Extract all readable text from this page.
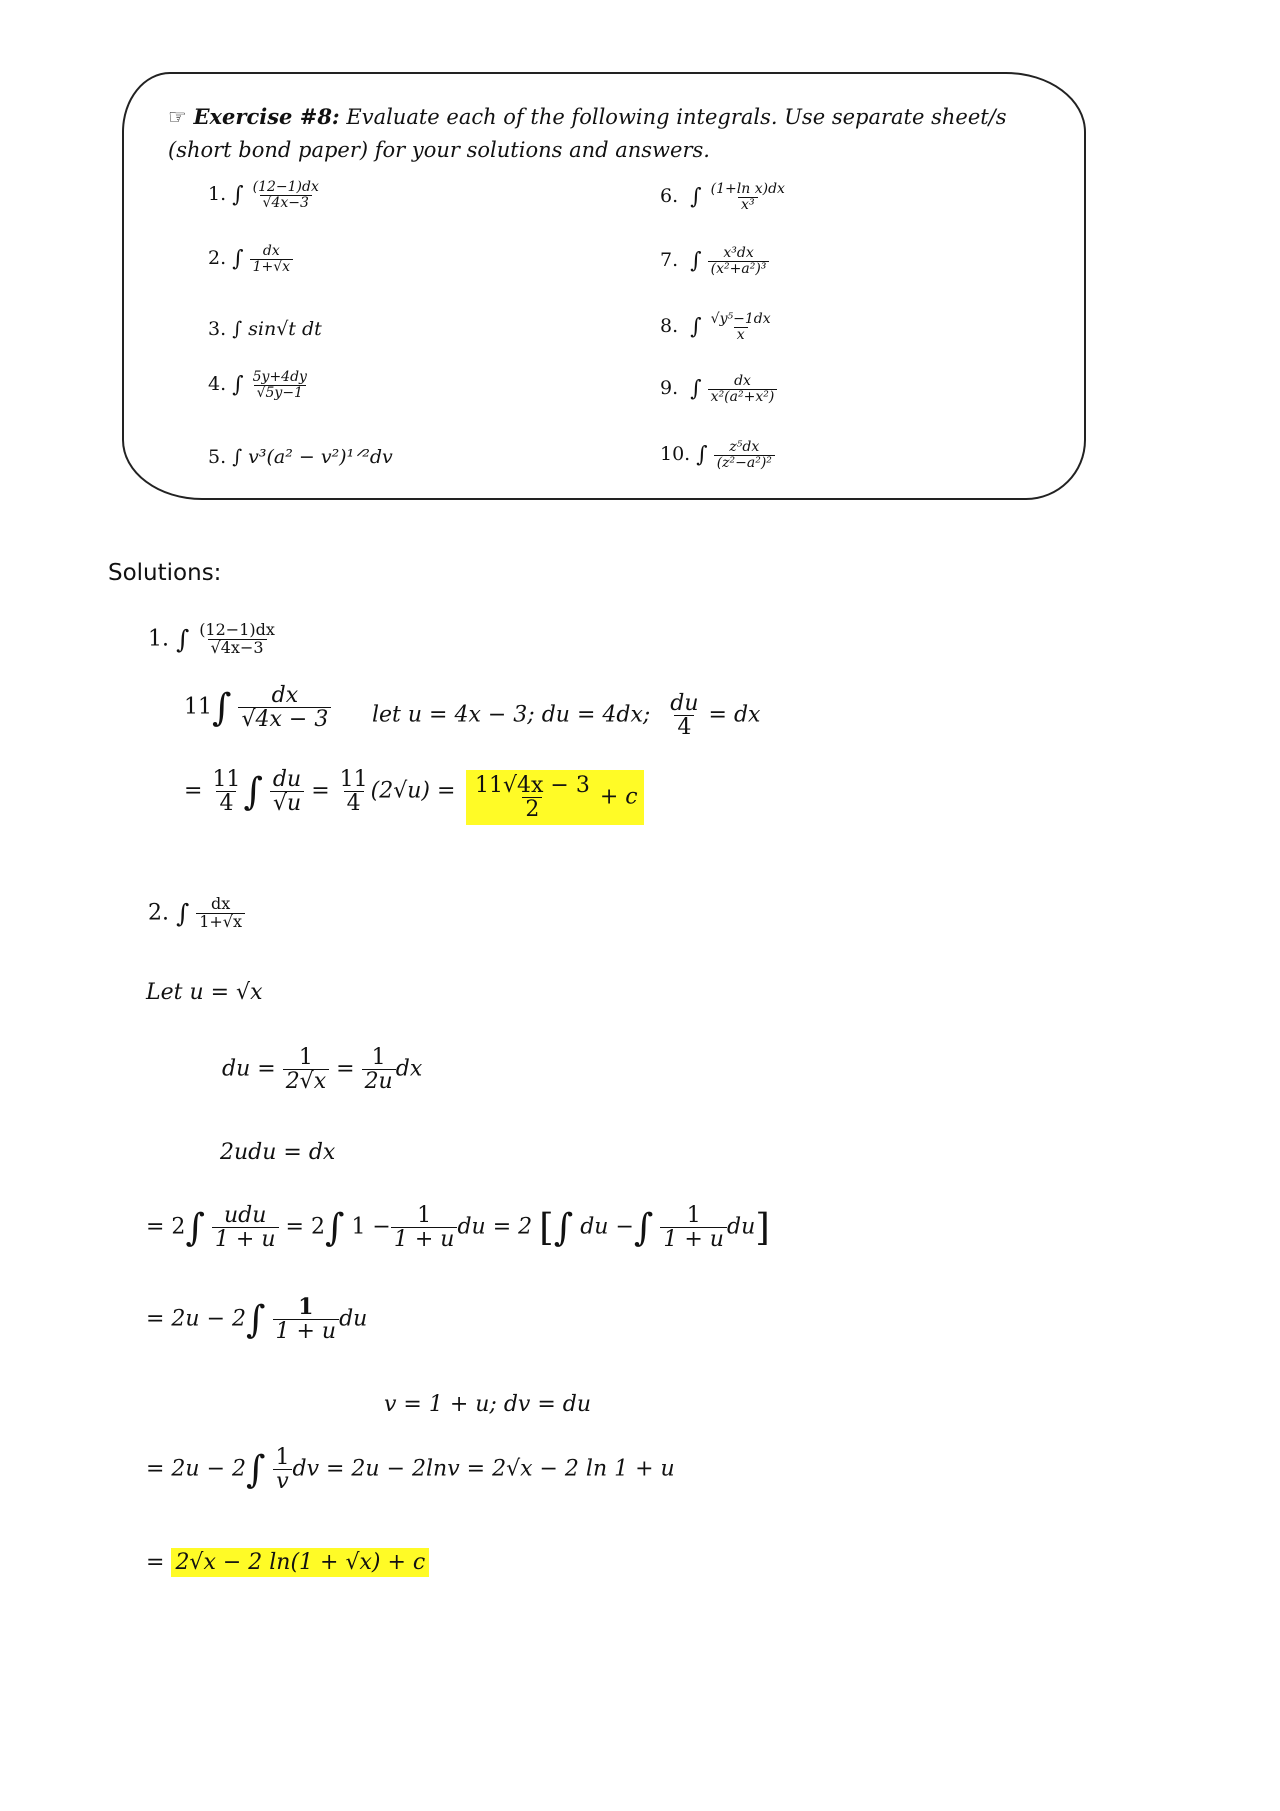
☞ Exercise #8: Evaluate each of the following integrals. Use separate sheet/s
(short bond paper) for your solutions and answers.
1. ∫ $\frac{(12-1)dx}{√4x-3}$
2. ∫ $\frac{dx}{1+√x}$
3. ∫ sin√t dt
4. ∫ $\frac{5y+4dy}{√5y-1}$
5. ∫ v³(a² − v²)¹ᐟ²dv
6. ∫ $\frac{\text{(1+ln x)dx}}{\text{x³}}$
7. ∫ $\frac{\text{x³dx}}{\text{(x²+a²)³}}$
8. ∫ $\frac{\text{√y⁵−1dx}}{x}$
9. ∫ $\frac{dx}{\text{x²(a²+x²)}}$
10. ∫ $\frac{\text{z⁵dx}}{\text{(z²−a²)²}}$
Solutions:
1. ∫ $\frac{(12-1)dx}{√4x-3}$
$11\int \frac{dx}{√4x - 3}$ let u = 4x − 3; du = 4dx; $\frac{du}{4}$ = dx
= $\frac{11}{4}$ ∫ $\frac{du}{√u} = \frac{11}{4} (2√u) = \frac{11√4x - 3}{2} + c$
2. ∫ $\frac{dx}{1+√x}$
Let u = √x
du = $\frac{1}{2√x} = \frac{1}{2u}$ dx
2udu = dx
= $2\int \frac{\text{udu}}{1 + u} = 2\int$ $1 - \frac{1}{1 + u}$ du = 2 [∫ du −∫ $\frac{1}{1 + u} du$]
= $2u - 2\int \frac{1}{1 + u}$ du
v = 1 + u; dv = du
= $2u - 2\int \frac{1}{v}$ dv = 2u − 2lnv = 2√x − 2 ln 1 + u
= 2√x − 2 ln(1 + √x) + c
